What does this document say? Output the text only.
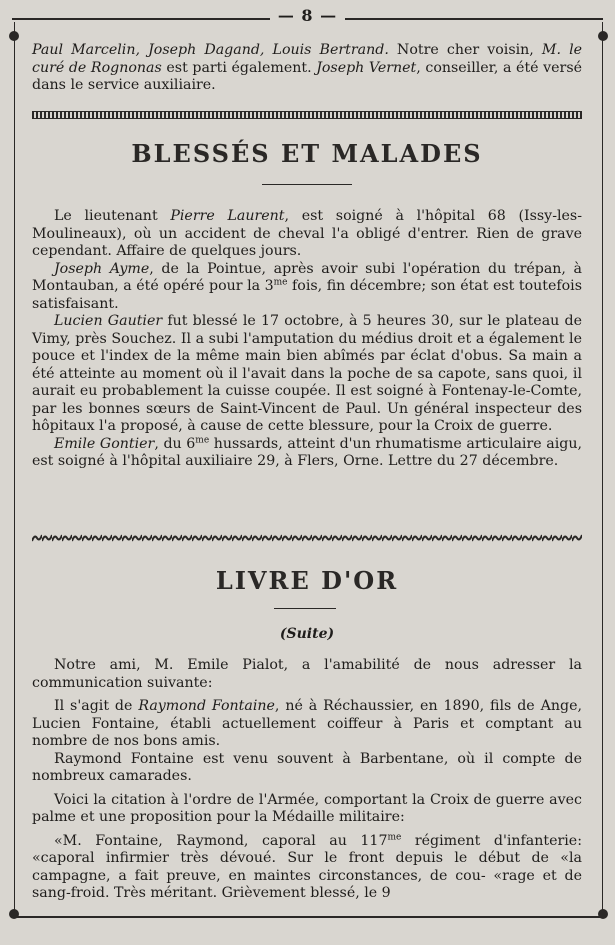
— 8 —

Paul Marcelin, Joseph Dagand, Louis Bertrand. Notre cher voisin, M. le curé de Rognonas est parti également. Joseph Vernet, conseiller, a été versé dans le service auxiliaire.

BLESSÉS ET MALADES

Le lieutenant Pierre Laurent, est soigné à l'hôpital 68 (Issy-les-Moulineaux), où un accident de cheval l'a obligé d'entrer. Rien de grave cependant. Affaire de quelques jours.

Joseph Ayme, de la Pointue, après avoir subi l'opération du trépan, à Montauban, a été opéré pour la $3^{me}$ fois, fin décembre; son état est toutefois satisfaisant.

Lucien Gautier fut blessé le 17 octobre, à 5 heures 30, sur le plateau de Vimy, près Souchez. Il a subi l'amputation du médius droit et a également le pouce et l'index de la même main bien abîmés par éclat d'obus. Sa main a été atteinte au moment où il l'avait dans la poche de sa capote, sans quoi, il aurait eu probablement la cuisse coupée. Il est soigné à Fontenay-le-Comte, par les bonnes sœurs de Saint-Vincent de Paul. Un général inspecteur des hôpitaux l'a proposé, à cause de cette blessure, pour la Croix de guerre.

Emile Gontier, du $6^{me}$ hussards, atteint d'un rhumatisme articulaire aigu, est soigné à l'hôpital auxiliaire 29, à Flers, Orne. Lettre du 27 décembre.

LIVRE D'OR
(Suite)

Notre ami, M. Emile Pialot, a l'amabilité de nous adresser la communication suivante:

Il s'agit de Raymond Fontaine, né à Réchaussier, en 1890, fils de Ange, Lucien Fontaine, établi actuellement coiffeur à Paris et comptant au nombre de nos bons amis.

Raymond Fontaine est venu souvent à Barbentane, où il compte de nombreux camarades.

Voici la citation à l'ordre de l'Armée, comportant la Croix de guerre avec palme et une proposition pour la Médaille militaire:

«M. Fontaine, Raymond, caporal au $117^{me}$ régiment d'infanterie: «caporal infirmier très dévoué. Sur le front depuis le début de «la campagne, a fait preuve, en maintes circonstances, de cou- «rage et de sang-froid. Très méritant. Grièvement blessé, le 9
